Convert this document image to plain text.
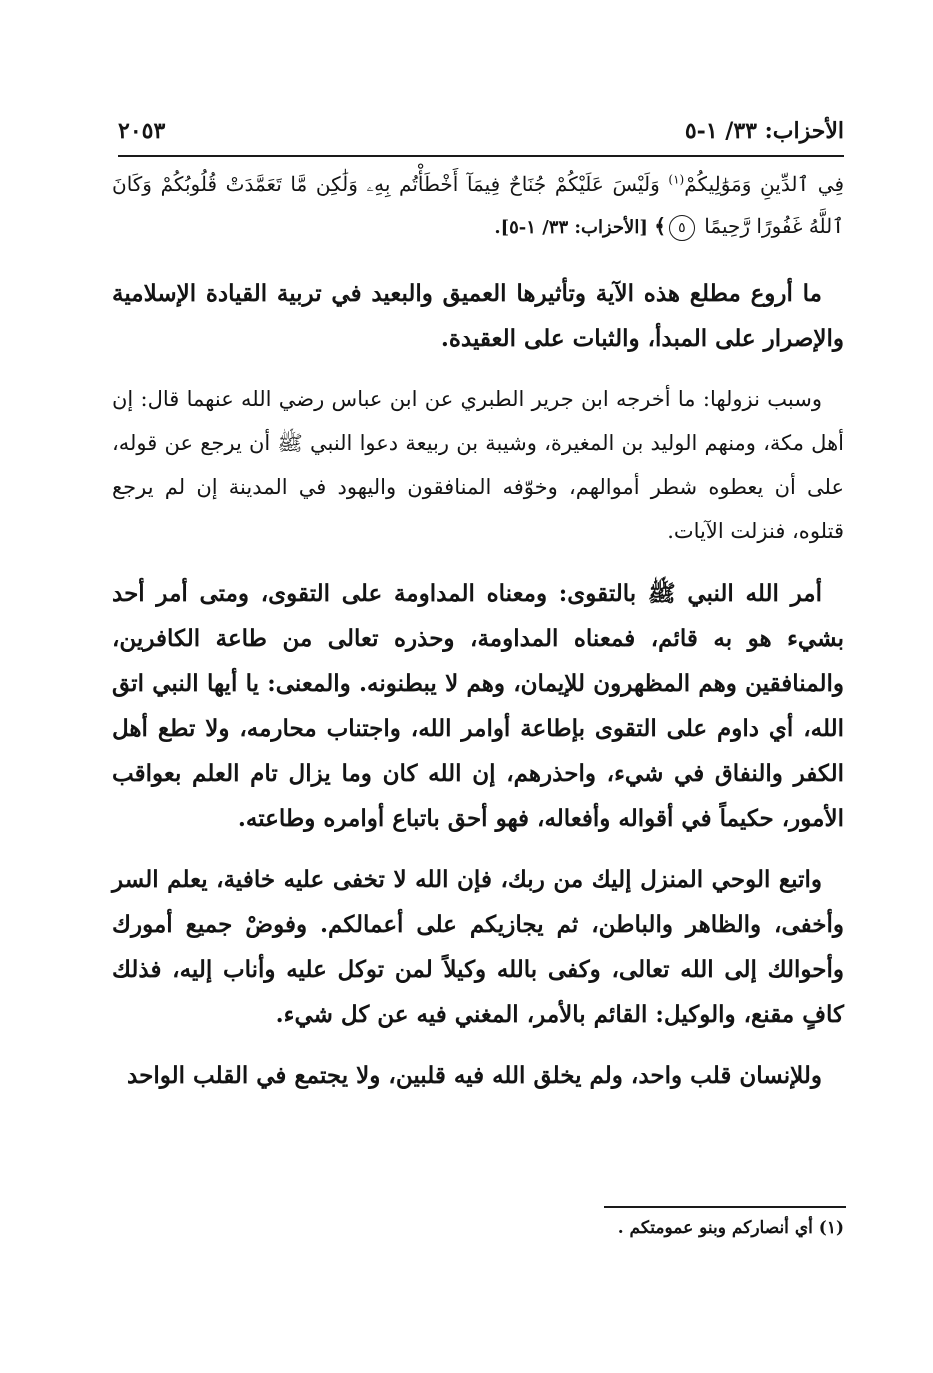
الأحزاب: ٣٣/ ١-٥
٢٠٥٣

فِي ٱلدِّينِ وَمَوَٰلِيكُمْ$^{(١)}$ وَلَيْسَ عَلَيْكُمْ جُنَاحٌ فِيمَآ أَخْطَأْتُم بِهِۦ وَلَٰكِن مَّا تَعَمَّدَتْ قُلُوبُكُمْ وَكَانَ ٱللَّهُ غَفُورًا رَّحِيمًا ٥﴾ [الأحزاب: ٣٣/ ١-٥].

ما أروع مطلع هذه الآية وتأثيرها العميق والبعيد في تربية القيادة الإسلامية والإصرار على المبدأ، والثبات على العقيدة.

وسبب نزولها: ما أخرجه ابن جرير الطبري عن ابن عباس رضي الله عنهما قال: إن أهل مكة، ومنهم الوليد بن المغيرة، وشيبة بن ربيعة دعوا النبي ﷺ أن يرجع عن قوله، على أن يعطوه شطر أموالهم، وخوّفه المنافقون واليهود في المدينة إن لم يرجع قتلوه، فنزلت الآيات.

أمر الله النبي ﷺ بالتقوى: ومعناه المداومة على التقوى، ومتى أمر أحد بشيء هو به قائم، فمعناه المداومة، وحذره تعالى من طاعة الكافرين، والمنافقين وهم المظهرون للإيمان، وهم لا يبطنونه. والمعنى: يا أيها النبي اتق الله، أي داوم على التقوى بإطاعة أوامر الله، واجتناب محارمه، ولا تطع أهل الكفر والنفاق في شيء، واحذرهم، إن الله كان وما يزال تام العلم بعواقب الأمور، حكيماً في أقواله وأفعاله، فهو أحق باتباع أوامره وطاعته.

واتبع الوحي المنزل إليك من ربك، فإن الله لا تخفى عليه خافية، يعلم السر وأخفى، والظاهر والباطن، ثم يجازيكم على أعمالكم. وفوضْ جميع أمورك وأحوالك إلى الله تعالى، وكفى بالله وكيلاً لمن توكل عليه وأناب إليه، فذلك كافٍ مقنع، والوكيل: القائم بالأمر، المغني فيه عن كل شيء.

وللإنسان قلب واحد، ولم يخلق الله فيه قلبين، ولا يجتمع في القلب الواحد

(١) أي أنصاركم وبنو عمومتكم .
